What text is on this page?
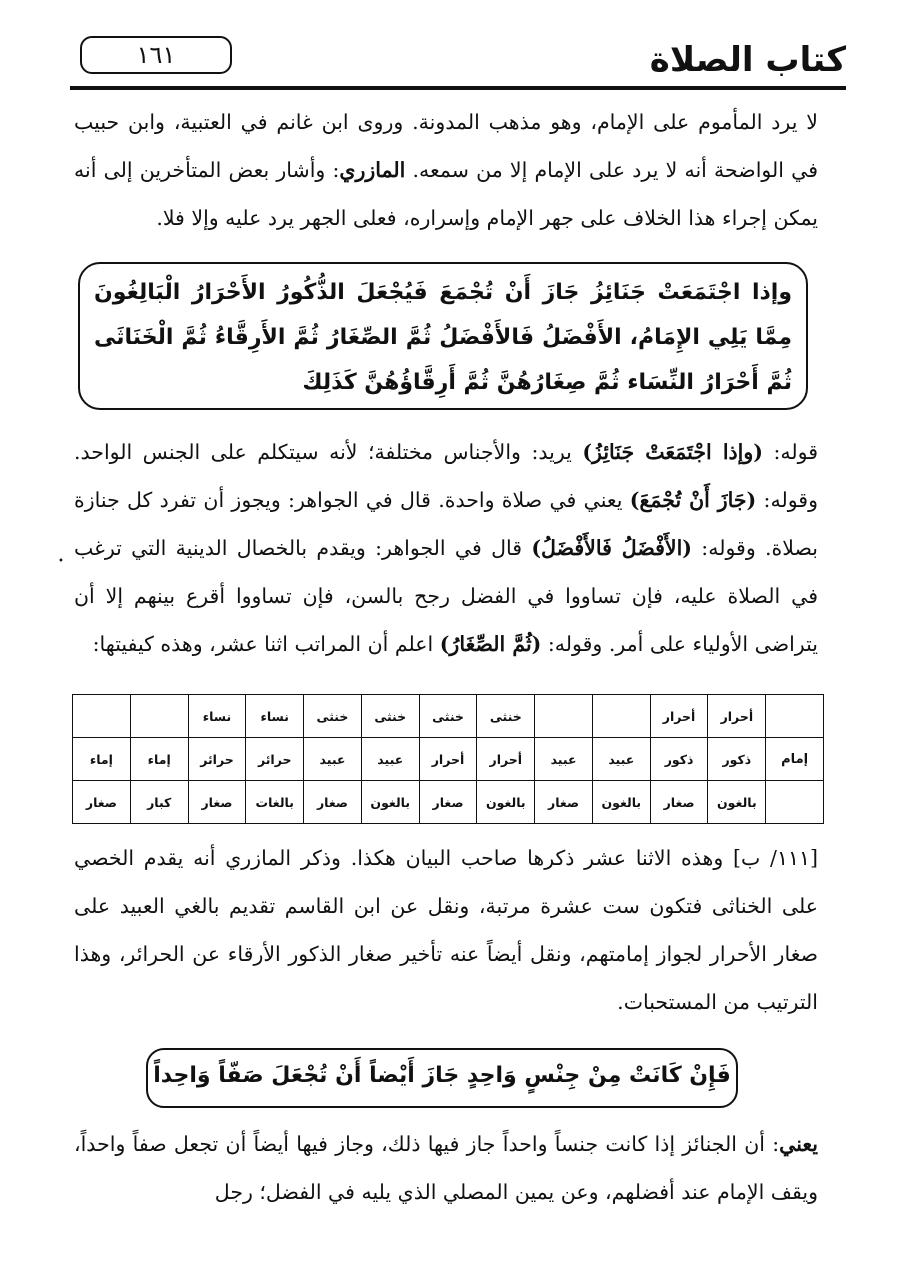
كتاب الصلاة
١٦١
لا يرد المأموم على الإمام، وهو مذهب المدونة. وروى ابن غانم في العتبية، وابن حبيب في الواضحة أنه لا يرد على الإمام إلا من سمعه. المازري: وأشار بعض المتأخرين إلى أنه يمكن إجراء هذا الخلاف على جهر الإمام وإسراره، فعلى الجهر يرد عليه وإلا فلا.
وإذا اجْتَمَعَتْ جَنَائِزُ جَازَ أَنْ تُجْمَعَ فَيُجْعَلَ الذُّكُورُ الأَحْرَارُ الْبَالِغُونَ مِمَّا يَلِي الإِمَامُ، الأَفْضَلُ فَالأَفْضَلُ ثُمَّ الصِّغَارُ ثُمَّ الأَرِقَّاءُ ثُمَّ الْخَنَاثَى ثُمَّ أَحْرَارُ النِّسَاء ثُمَّ صِغَارُهُنَّ ثُمَّ أَرِقَّاؤُهُنَّ كَذَلِكَ
قوله: (وإذا اجْتَمَعَتْ جَنَائِزُ) يريد: والأجناس مختلفة؛ لأنه سيتكلم على الجنس الواحد. وقوله: (جَازَ أَنْ تُجْمَعَ) يعني في صلاة واحدة. قال في الجواهر: ويجوز أن تفرد كل جنازة بصلاة. وقوله: (الأَفْضَلُ فَالأَفْضَلُ) قال في الجواهر: ويقدم بالخصال الدينية التي ترغب في الصلاة عليه، فإن تساووا في الفضل رجح بالسن، فإن تساووا أقرع بينهم إلا أن يتراضى الأولياء على أمر. وقوله: (ثُمَّ الصِّغَارُ) اعلم أن المراتب اثنا عشر، وهذه كيفيتها:
•
	أحرار	أحرار			خنثى	خنثى	خنثى	خنثى	نساء	نساء		
إمام	ذكور	ذكور	عبيد	عبيد	أحرار	أحرار	عبيد	عبيد	حرائر	حرائر	إماء	إماء
	بالغون	صغار	بالغون	صغار	بالغون	صغار	بالغون	صغار	بالغات	صغار	كبار	صغار
[١١١/ ب] وهذه الاثنا عشر ذكرها صاحب البيان هكذا. وذكر المازري أنه يقدم الخصي على الخناثى فتكون ست عشرة مرتبة، ونقل عن ابن القاسم تقديم بالغي العبيد على صغار الأحرار لجواز إمامتهم، ونقل أيضاً عنه تأخير صغار الذكور الأرقاء عن الحرائر، وهذا الترتيب من المستحبات.
فَإِنْ كَانَتْ مِنْ جِنْسٍ وَاحِدٍ جَازَ أَيْضاً أَنْ تُجْعَلَ صَفّاً وَاحِداً
يعني: أن الجنائز إذا كانت جنساً واحداً جاز فيها ذلك، وجاز فيها أيضاً أن تجعل صفاً واحداً، ويقف الإمام عند أفضلهم، وعن يمين المصلي الذي يليه في الفضل؛ رجل
